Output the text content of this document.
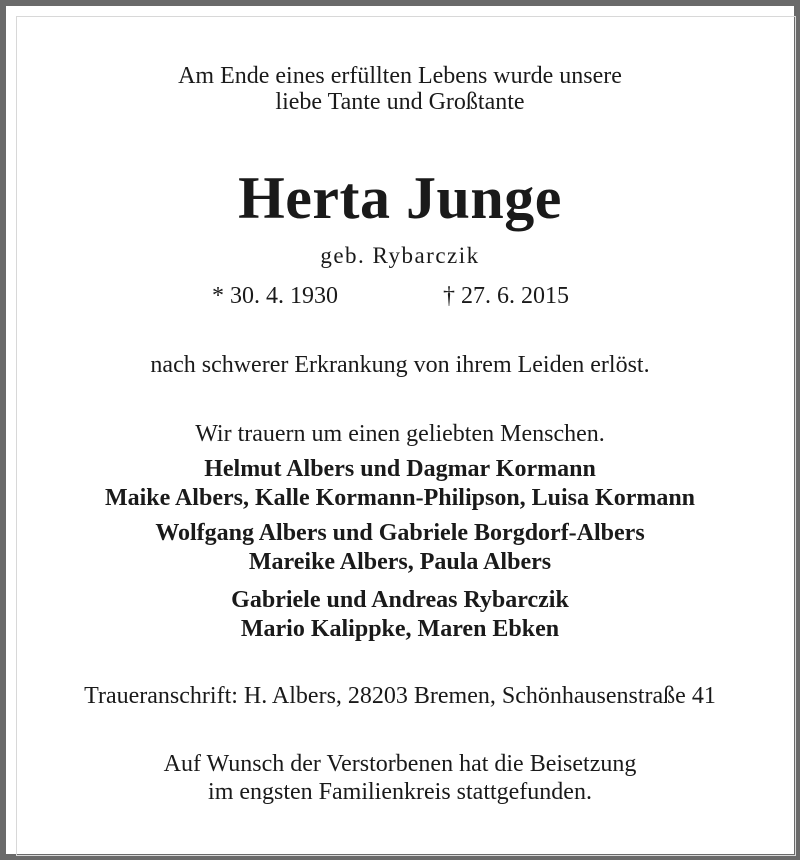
Am Ende eines erfüllten Lebens wurde unsere
liebe Tante und Großtante
Herta Junge
geb. Rybarczik
* 30. 4. 1930	† 27. 6. 2015
nach schwerer Erkrankung von ihrem Leiden erlöst.
Wir trauern um einen geliebten Menschen.
Helmut Albers und Dagmar Kormann
Maike Albers, Kalle Kormann-Philipson, Luisa Kormann
Wolfgang Albers und Gabriele Borgdorf-Albers
Mareike Albers, Paula Albers
Gabriele und Andreas Rybarczik
Mario Kalippke, Maren Ebken
Traueranschrift: H. Albers, 28203 Bremen, Schönhausenstraße 41
Auf Wunsch der Verstorbenen hat die Beisetzung
im engsten Familienkreis stattgefunden.
